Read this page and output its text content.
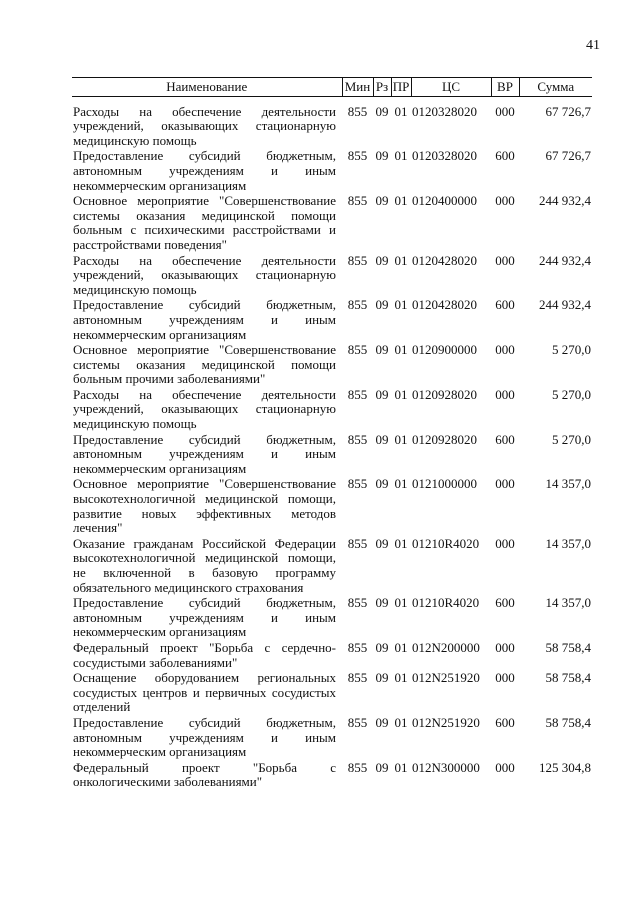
41
Наименование	Мин	Рз	ПР	ЦС	ВР	Сумма
Расходы на обеспечение деятельности учреждений, оказывающих стационарную медицинскую помощь	855	09	01	0120328020	000	67 726,7
Предоставление субсидий бюджетным, автономным учреждениям и иным некоммерческим организациям	855	09	01	0120328020	600	67 726,7
Основное мероприятие "Совершенствование системы оказания медицинской помощи больным с психическими расстройствами и расстройствами поведения"	855	09	01	0120400000	000	244 932,4
Расходы на обеспечение деятельности учреждений, оказывающих стационарную медицинскую помощь	855	09	01	0120428020	000	244 932,4
Предоставление субсидий бюджетным, автономным учреждениям и иным некоммерческим организациям	855	09	01	0120428020	600	244 932,4
Основное мероприятие "Совершенствование системы оказания медицинской помощи больным прочими заболеваниями"	855	09	01	0120900000	000	5 270,0
Расходы на обеспечение деятельности учреждений, оказывающих стационарную медицинскую помощь	855	09	01	0120928020	000	5 270,0
Предоставление субсидий бюджетным, автономным учреждениям и иным некоммерческим организациям	855	09	01	0120928020	600	5 270,0
Основное мероприятие "Совершенствование высокотехнологичной медицинской помощи, развитие новых эффективных методов лечения"	855	09	01	0121000000	000	14 357,0
Оказание гражданам Российской Федерации высокотехнологичной медицинской помощи, не включенной в базовую программу обязательного медицинского страхования	855	09	01	01210R4020	000	14 357,0
Предоставление субсидий бюджетным, автономным учреждениям и иным некоммерческим организациям	855	09	01	01210R4020	600	14 357,0
Федеральный проект "Борьба с сердечно-сосудистыми заболеваниями"	855	09	01	012N200000	000	58 758,4
Оснащение оборудованием региональных сосудистых центров и первичных сосудистых отделений	855	09	01	012N251920	000	58 758,4
Предоставление субсидий бюджетным, автономным учреждениям и иным некоммерческим организациям	855	09	01	012N251920	600	58 758,4
Федеральный проект "Борьба с онкологическими заболеваниями"	855	09	01	012N300000	000	125 304,8
